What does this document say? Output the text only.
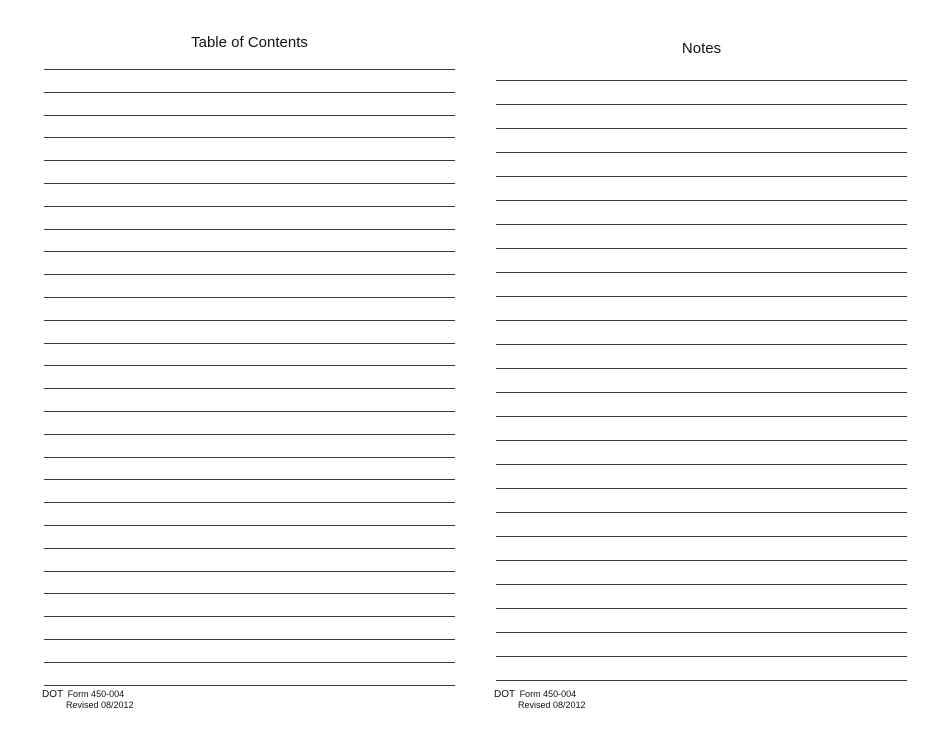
Table of Contents
DOT Form 450-004
Revised 08/2012
Notes
DOT Form 450-004
Revised 08/2012
